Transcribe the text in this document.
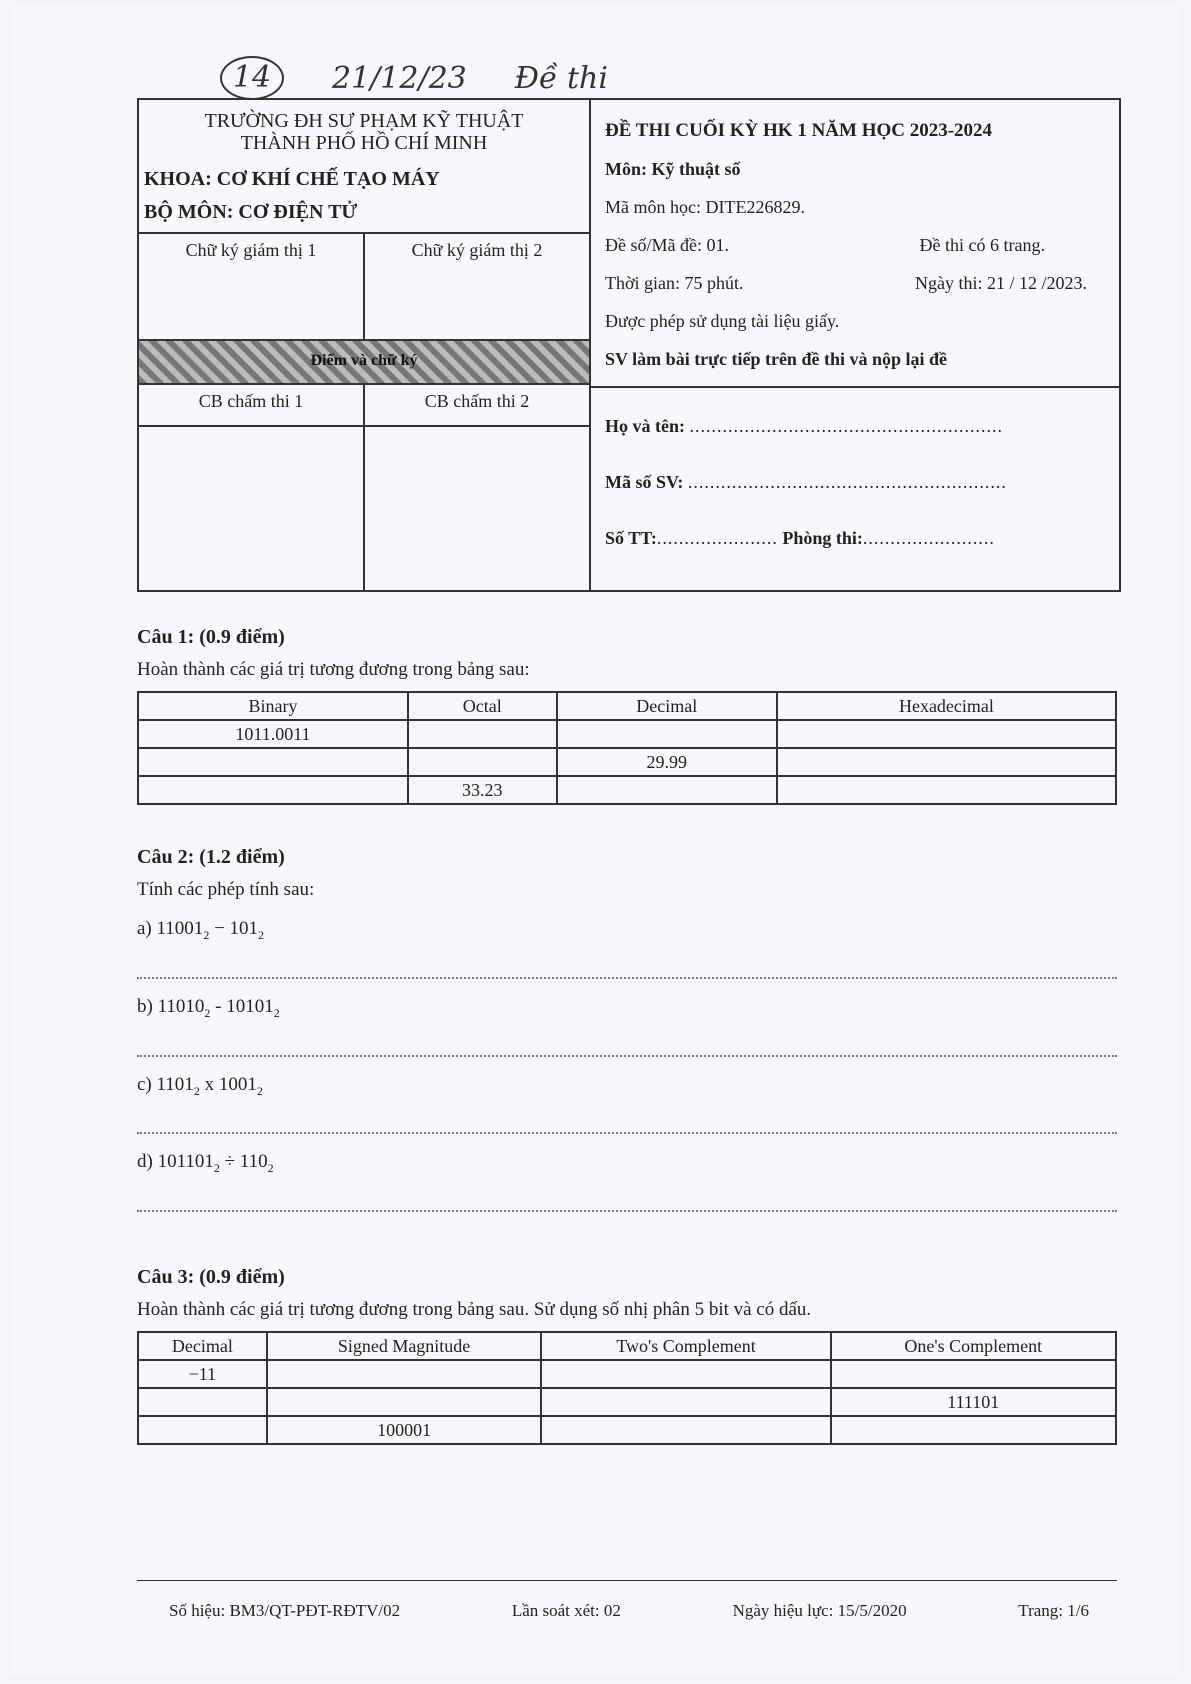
14	21/12/23 Đề thi
TRƯỜNG ĐH SƯ PHẠM KỸ THUẬT
THÀNH PHỐ HỒ CHÍ MINH
KHOA: CƠ KHÍ CHẾ TẠO MÁY
BỘ MÔN: CƠ ĐIỆN TỬ
Chữ ký giám thị 1	Chữ ký giám thị 2
Điểm và chữ ký
CB chấm thi 1	CB chấm thi 2
ĐỀ THI CUỐI KỲ HK 1 NĂM HỌC 2023-2024
Môn: Kỹ thuật số
Mã môn học: DITE226829.
Đề số/Mã đề: 01.	Đề thi có 6 trang.
Thời gian: 75 phút.	Ngày thi: 21 / 12 /2023.
Được phép sử dụng tài liệu giấy.
SV làm bài trực tiếp trên đề thi và nộp lại đề
Họ và tên: .........................................................
Mã số SV: ..........................................................
Số TT:...................... Phòng thi:........................
Câu 1: (0.9 điểm)
Hoàn thành các giá trị tương đương trong bảng sau:
Binary	Octal	Decimal	Hexadecimal
1011.0011			
		29.99	
	33.23		
Câu 2: (1.2 điểm)
Tính các phép tính sau:
a) $11001_2 - 101_2$
b) $11010_2 - 10101_2$
c) $1101_2$ x $1001_2$
d) $101101_2 \div 110_2$
Câu 3: (0.9 điểm)
Hoàn thành các giá trị tương đương trong bảng sau. Sử dụng số nhị phân 5 bit và có dấu.
Decimal	Signed Magnitude	Two's Complement	One's Complement
−11			
			111101
	100001		
Số hiệu: BM3/QT-PĐT-RĐTV/02	Lần soát xét: 02	Ngày hiệu lực: 15/5/2020	Trang: 1/6
